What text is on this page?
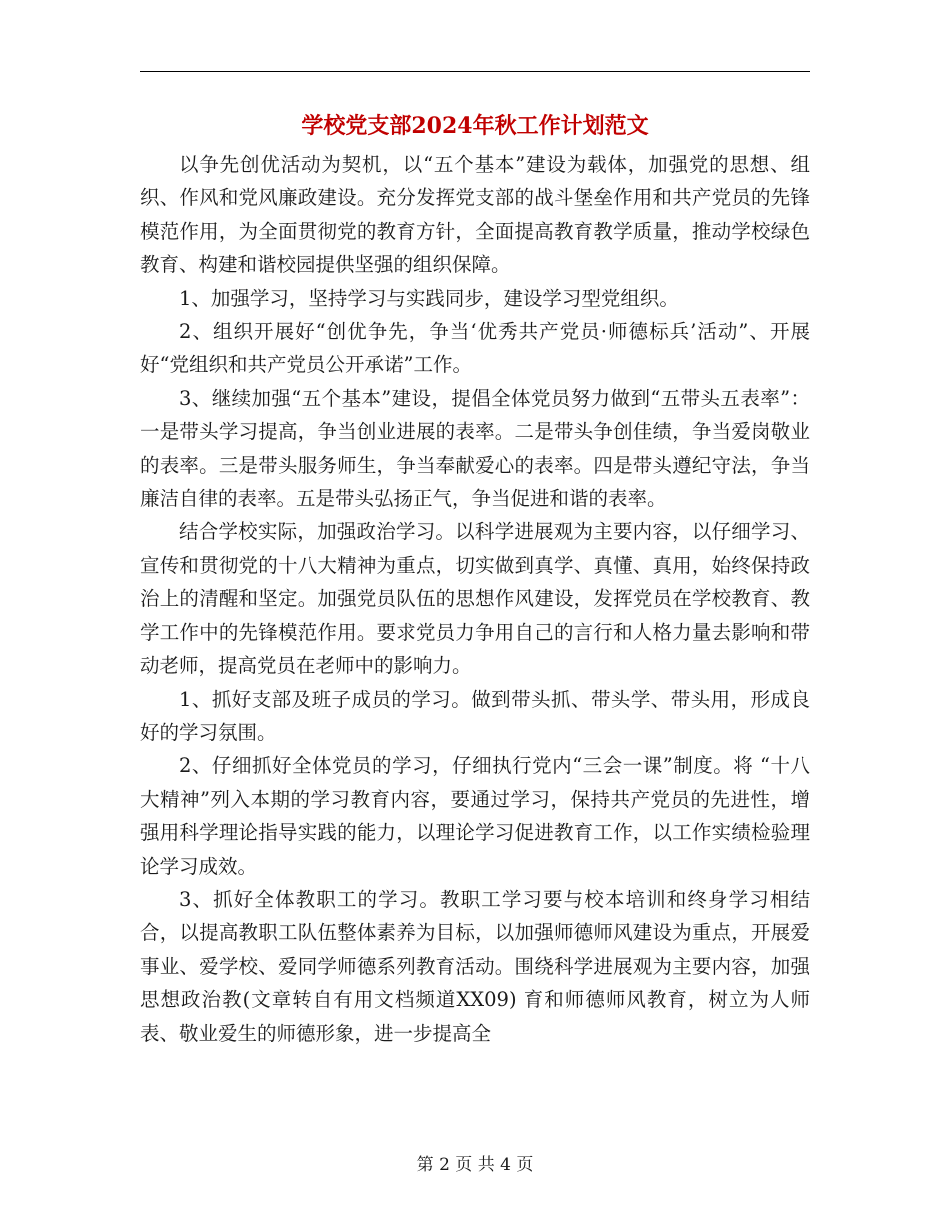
学校党支部2024年秋工作计划范文

以争先创优活动为契机，以“五个基本”建设为载体，加强党的思想、组织、作风和党风廉政建设。充分发挥党支部的战斗堡垒作用和共产党员的先锋模范作用，为全面贯彻党的教育方针，全面提高教育教学质量，推动学校绿色教育、构建和谐校园提供坚强的组织保障。

1、加强学习，坚持学习与实践同步，建设学习型党组织。

2、组织开展好“创优争先，争当‘优秀共产党员·师德标兵’活动”、开展好“党组织和共产党员公开承诺”工作。

3、继续加强“五个基本”建设，提倡全体党员努力做到“五带头五表率”：一是带头学习提高，争当创业进展的表率。二是带头争创佳绩，争当爱岗敬业的表率。三是带头服务师生，争当奉献爱心的表率。四是带头遵纪守法，争当廉洁自律的表率。五是带头弘扬正气，争当促进和谐的表率。

结合学校实际，加强政治学习。以科学进展观为主要内容，以仔细学习、宣传和贯彻党的十八大精神为重点，切实做到真学、真懂、真用，始终保持政治上的清醒和坚定。加强党员队伍的思想作风建设，发挥党员在学校教育、教学工作中的先锋模范作用。要求党员力争用自己的言行和人格力量去影响和带动老师，提高党员在老师中的影响力。

1、抓好支部及班子成员的学习。做到带头抓、带头学、带头用，形成良好的学习氛围。

2、仔细抓好全体党员的学习，仔细执行党内“三会一课”制度。将 “十八大精神”列入本期的学习教育内容，要通过学习，保持共产党员的先进性，增强用科学理论指导实践的能力，以理论学习促进教育工作，以工作实绩检验理论学习成效。

3、抓好全体教职工的学习。教职工学习要与校本培训和终身学习相结合，以提高教职工队伍整体素养为目标，以加强师德师风建设为重点，开展爱事业、爱学校、爱同学师德系列教育活动。围绕科学进展观为主要内容，加强思想政治教(文章转自有用文档频道XX09) 育和师德师风教育，树立为人师表、敬业爱生的师德形象，进一步提高全

第 2 页 共 4 页
